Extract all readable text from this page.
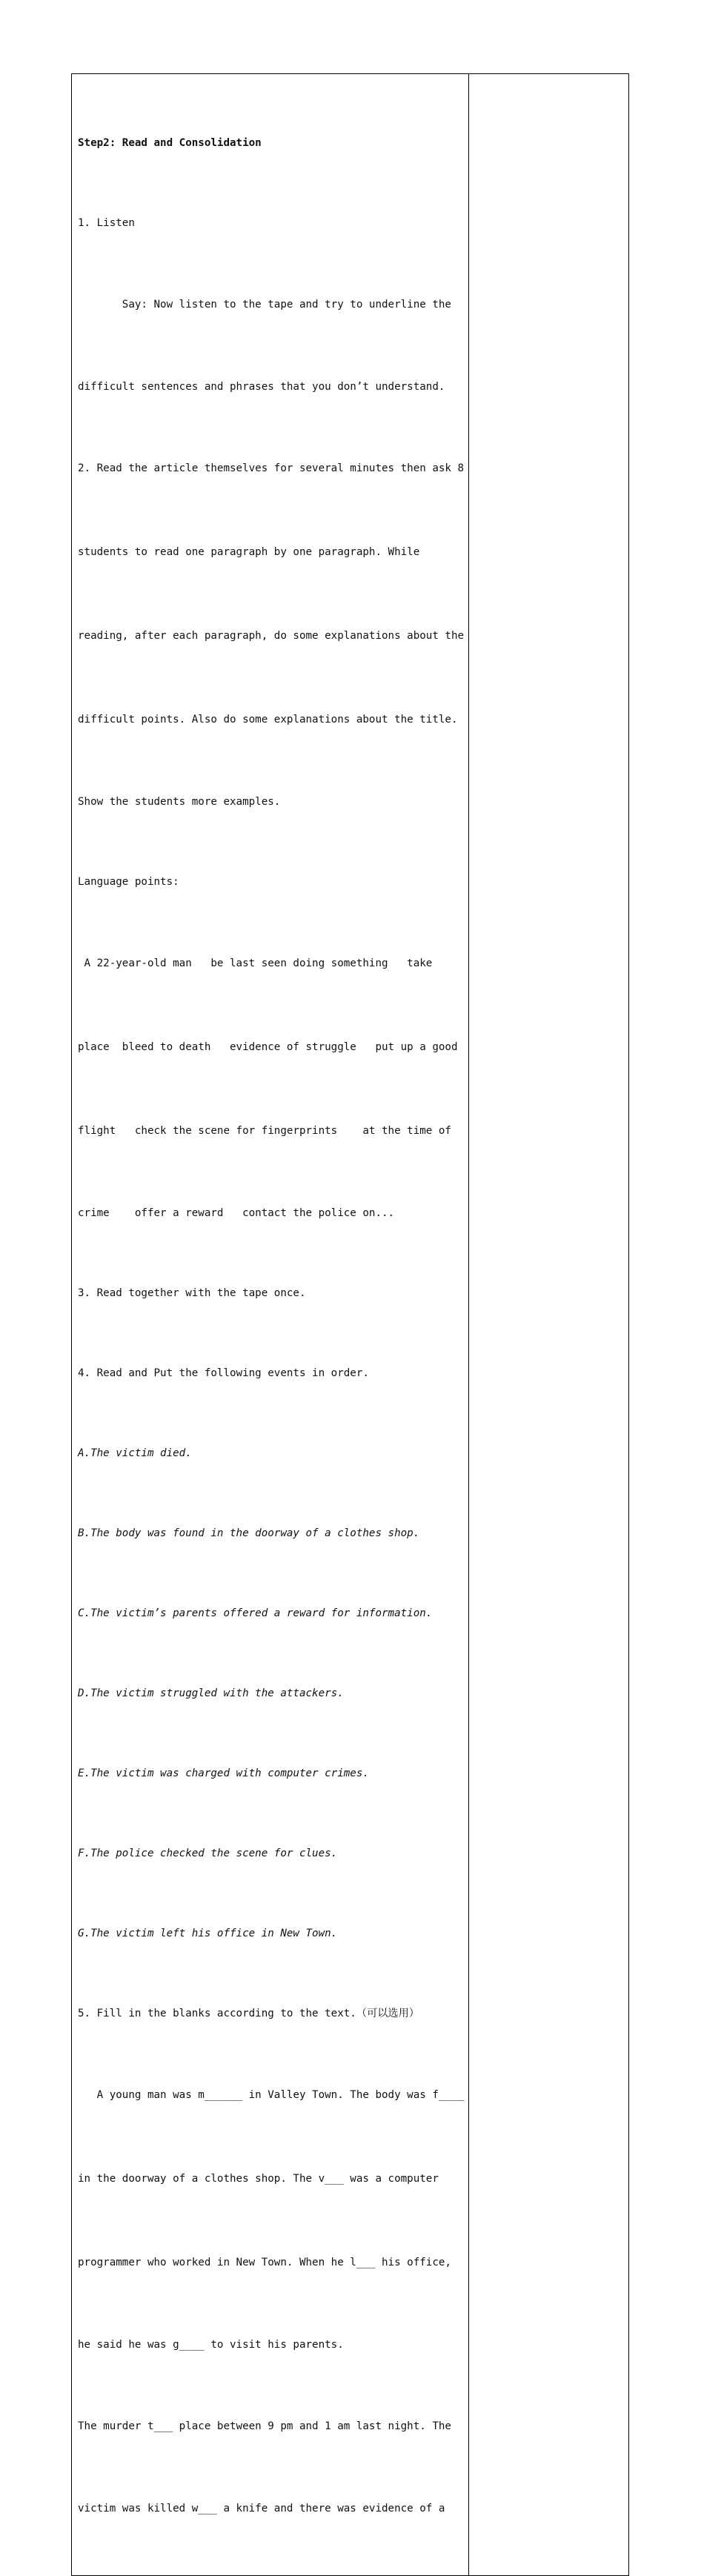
Step2: Read and Consolidation

1. Listen

Say: Now listen to the tape and try to underline the

difficult sentences and phrases that you don’t understand.

2. Read the article themselves for several minutes then ask 8

students to read one paragraph by one paragraph. While

reading, after each paragraph, do some explanations about the

difficult points. Also do some explanations about the title.

Show the students more examples.

Language points:

A 22-year-old man   be last seen doing something   take

place  bleed to death   evidence of struggle   put up a good

flight   check the scene for fingerprints    at the time of

crime    offer a reward   contact the police on...

3. Read together with the tape once.

4. Read and Put the following events in order.

A.The victim died.

B.The body was found in the doorway of a clothes shop.

C.The victim’s parents offered a reward for information.

D.The victim struggled with the attackers.

E.The victim was charged with computer crimes.

F.The police checked the scene for clues.

G.The victim left his office in New Town.

5. Fill in the blanks according to the text.（可以选用）

A young man was m______ in Valley Town. The body was f____

in the doorway of a clothes shop. The v___ was a computer

programmer who worked in New Town. When he l___ his office,

he said he was g____ to visit his parents.

The murder t___ place between 9 pm and 1 am last night. The

victim was killed w___ a knife and there was evidence of a
